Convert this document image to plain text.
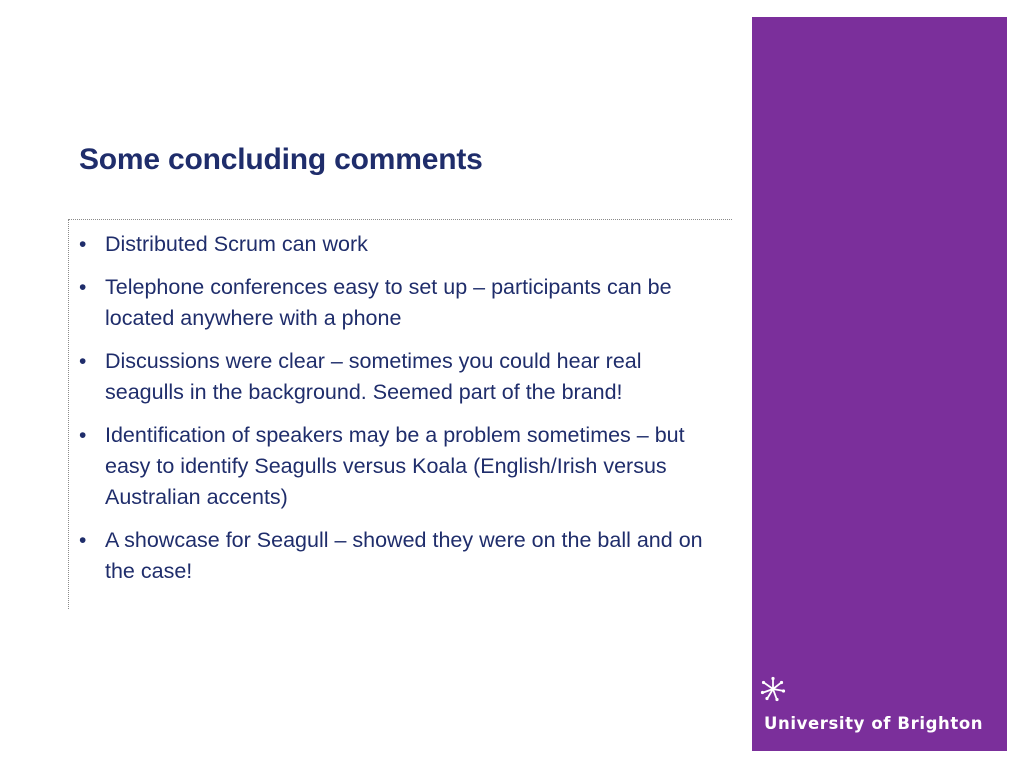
Some concluding comments
• Distributed Scrum can work
• Telephone conferences easy to set up – participants can be located anywhere with a phone
• Discussions were clear – sometimes you could hear real seagulls in the background. Seemed part of the brand!
• Identification of speakers may be a problem sometimes – but easy to identify Seagulls versus Koala (English/Irish versus Australian accents)
• A showcase for Seagull – showed they were on the ball and on the case!

University of Brighton
